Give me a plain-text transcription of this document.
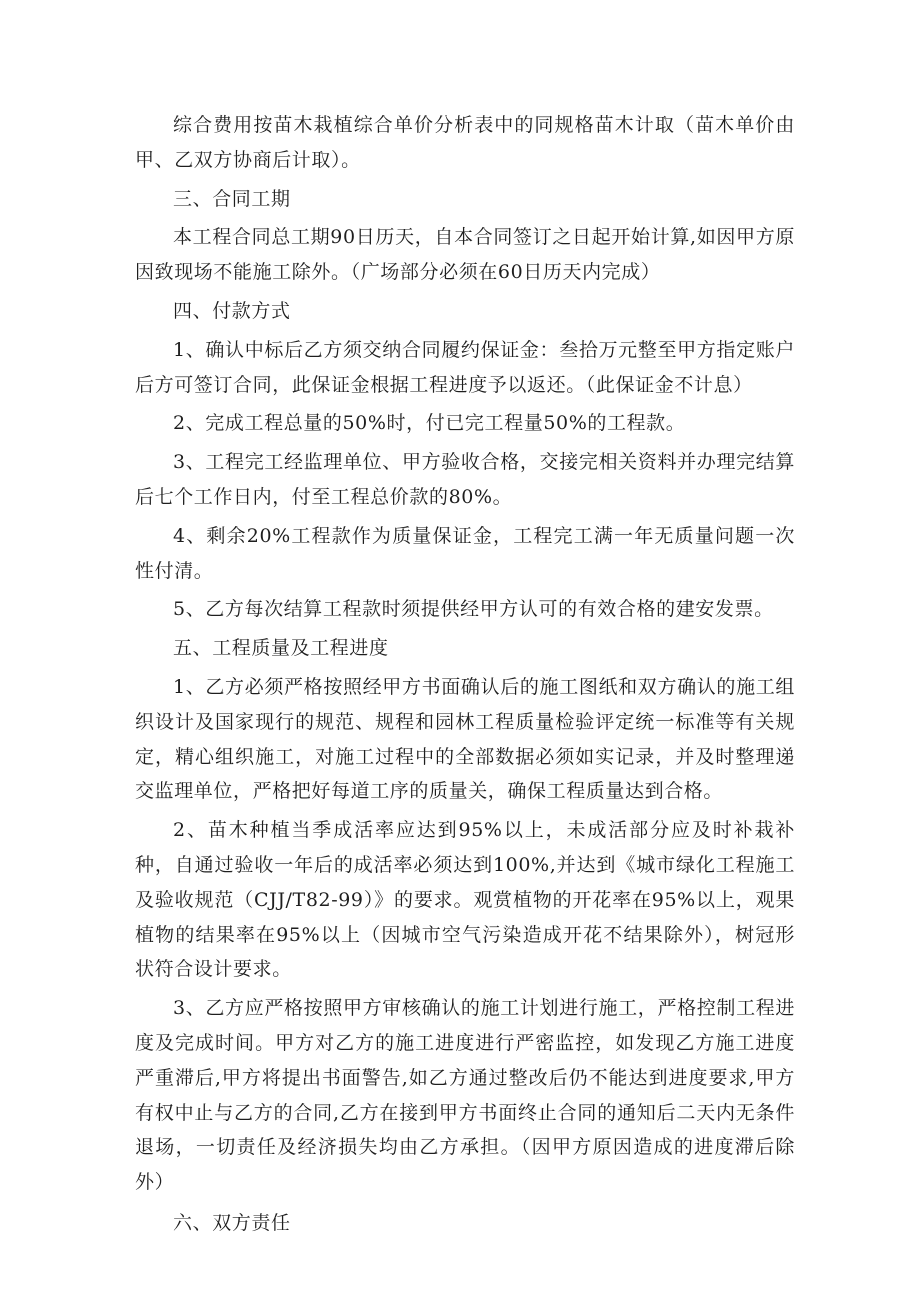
综合费用按苗木栽植综合单价分析表中的同规格苗木计取（苗木单价由甲、乙双方协商后计取）。

三、合同工期

本工程合同总工期90日历天，自本合同签订之日起开始计算,如因甲方原因致现场不能施工除外。（广场部分必须在60日历天内完成）

四、付款方式

1、确认中标后乙方须交纳合同履约保证金：叁拾万元整至甲方指定账户后方可签订合同，此保证金根据工程进度予以返还。（此保证金不计息）

2、完成工程总量的50%时，付已完工程量50%的工程款。

3、工程完工经监理单位、甲方验收合格，交接完相关资料并办理完结算后七个工作日内，付至工程总价款的80%。

4、剩余20%工程款作为质量保证金，工程完工满一年无质量问题一次性付清。

5、乙方每次结算工程款时须提供经甲方认可的有效合格的建安发票。

五、工程质量及工程进度

1、乙方必须严格按照经甲方书面确认后的施工图纸和双方确认的施工组织设计及国家现行的规范、规程和园林工程质量检验评定统一标准等有关规定，精心组织施工，对施工过程中的全部数据必须如实记录，并及时整理递交监理单位，严格把好每道工序的质量关，确保工程质量达到合格。

2、苗木种植当季成活率应达到95%以上，未成活部分应及时补栽补种，自通过验收一年后的成活率必须达到100%,并达到《城市绿化工程施工及验收规范（CJJ/T82-99）》的要求。观赏植物的开花率在95%以上，观果植物的结果率在95%以上（因城市空气污染造成开花不结果除外），树冠形状符合设计要求。

3、乙方应严格按照甲方审核确认的施工计划进行施工，严格控制工程进度及完成时间。甲方对乙方的施工进度进行严密监控，如发现乙方施工进度严重滞后,甲方将提出书面警告,如乙方通过整改后仍不能达到进度要求,甲方有权中止与乙方的合同,乙方在接到甲方书面终止合同的通知后二天内无条件退场，一切责任及经济损失均由乙方承担。（因甲方原因造成的进度滞后除外）

六、双方责任
